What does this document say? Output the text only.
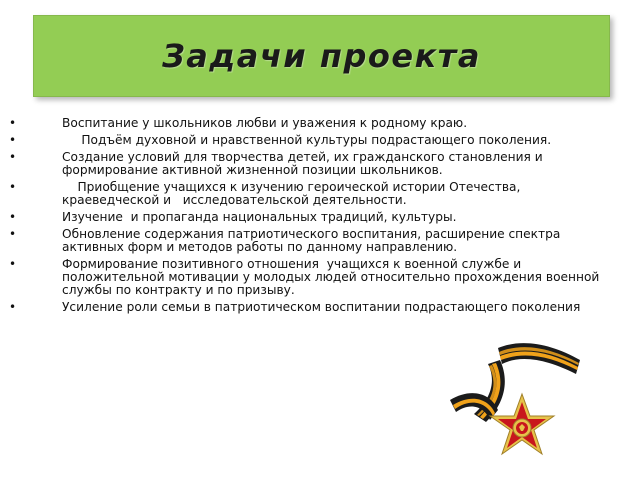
Задачи проекта
•	Воспитание у школьников любви и уважения к родному краю.
•	Подъём духовной и нравственной культуры подрастающего поколения.
•	Создание условий для творчества детей, их гражданского становления и формирование активной жизненной позиции школьников.
•	Приобщение учащихся к изучению героической истории Отечества, краеведческой и   исследовательской деятельности.
•	Изучение  и пропаганда национальных традиций, культуры.
•	Обновление содержания патриотического воспитания, расширение спектра активных форм и методов работы по данному направлению.
•	Формирование позитивного отношения  учащихся к военной службе и положительной мотивации у молодых людей относительно прохождения военной службы по контракту и по призыву.
•	Усиление роли семьи в патриотическом воспитании подрастающего поколения
